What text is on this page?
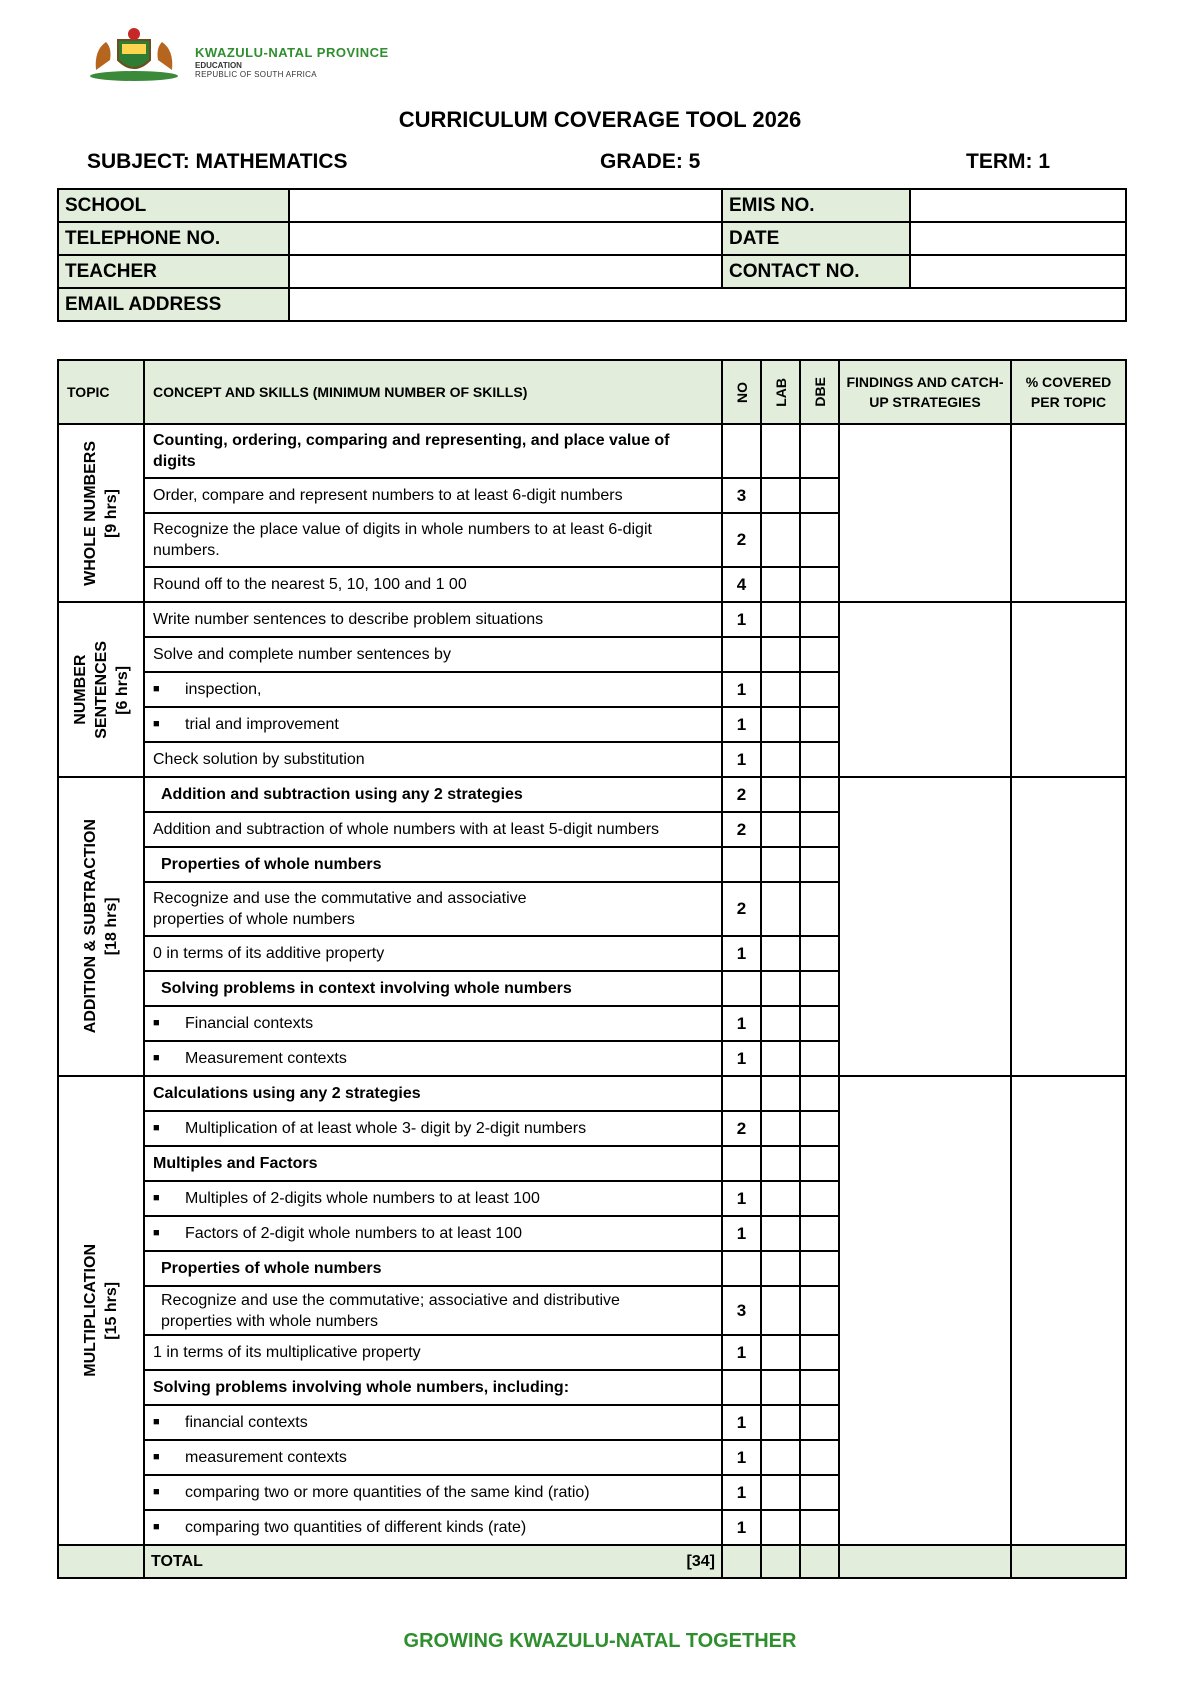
KWAZULU-NATAL PROVINCE
EDUCATION
REPUBLIC OF SOUTH AFRICA
CURRICULUM COVERAGE TOOL 2026
SUBJECT: MATHEMATICS	GRADE: 5	TERM: 1
SCHOOL		EMIS NO.	
TELEPHONE NO.		DATE	
TEACHER		CONTACT NO.	
EMAIL ADDRESS			
TOPIC	CONCEPT AND SKILLS (MINIMUM NUMBER OF SKILLS)	NO	LAB	DBE	FINDINGS AND CATCH-UP STRATEGIES	% COVERED PER TOPIC

WHOLE NUMBERS [9 hrs]	Counting, ordering, comparing and representing, and place value of digits					
	Order, compare and represent numbers to at least 6-digit numbers	3				
	Recognize the place value of digits in whole numbers to at least 6-digit numbers.	2				
	Round off to the nearest 5, 10, 100 and 1 00	4				

NUMBER SENTENCES [6 hrs]	Write number sentences to describe problem situations	1				
	Solve and complete number sentences by					
	■ inspection,	1				
	■ trial and improvement	1				
	Check solution by substitution	1				

ADDITION & SUBTRACTION [18 hrs]	Addition and subtraction using any 2 strategies	2				
	Addition and subtraction of whole numbers with at least 5-digit numbers	2				
	Properties of whole numbers					
	Recognize and use the commutative and associative properties of whole numbers	2				
	0 in terms of its additive property	1				
	Solving problems in context involving whole numbers					
	■ Financial contexts	1				
	■ Measurement contexts	1				

MULTIPLICATION [15 hrs]	Calculations using any 2 strategies					
	■ Multiplication of at least whole 3- digit by 2-digit numbers	2				
	Multiples and Factors					
	■ Multiples of 2-digits whole numbers to at least 100	1				
	■ Factors of 2-digit whole numbers to at least 100	1				
	Properties of whole numbers					
	Recognize and use the commutative; associative and distributive properties with whole numbers	3				
	1 in terms of its multiplicative property	1				
	Solving problems involving whole numbers, including:					
	■ financial contexts	1				
	■ measurement contexts	1				
	■ comparing two or more quantities of the same kind (ratio)	1				
	■ comparing two quantities of different kinds (rate)	1				
	TOTAL [34]					

GROWING KWAZULU-NATAL TOGETHER
